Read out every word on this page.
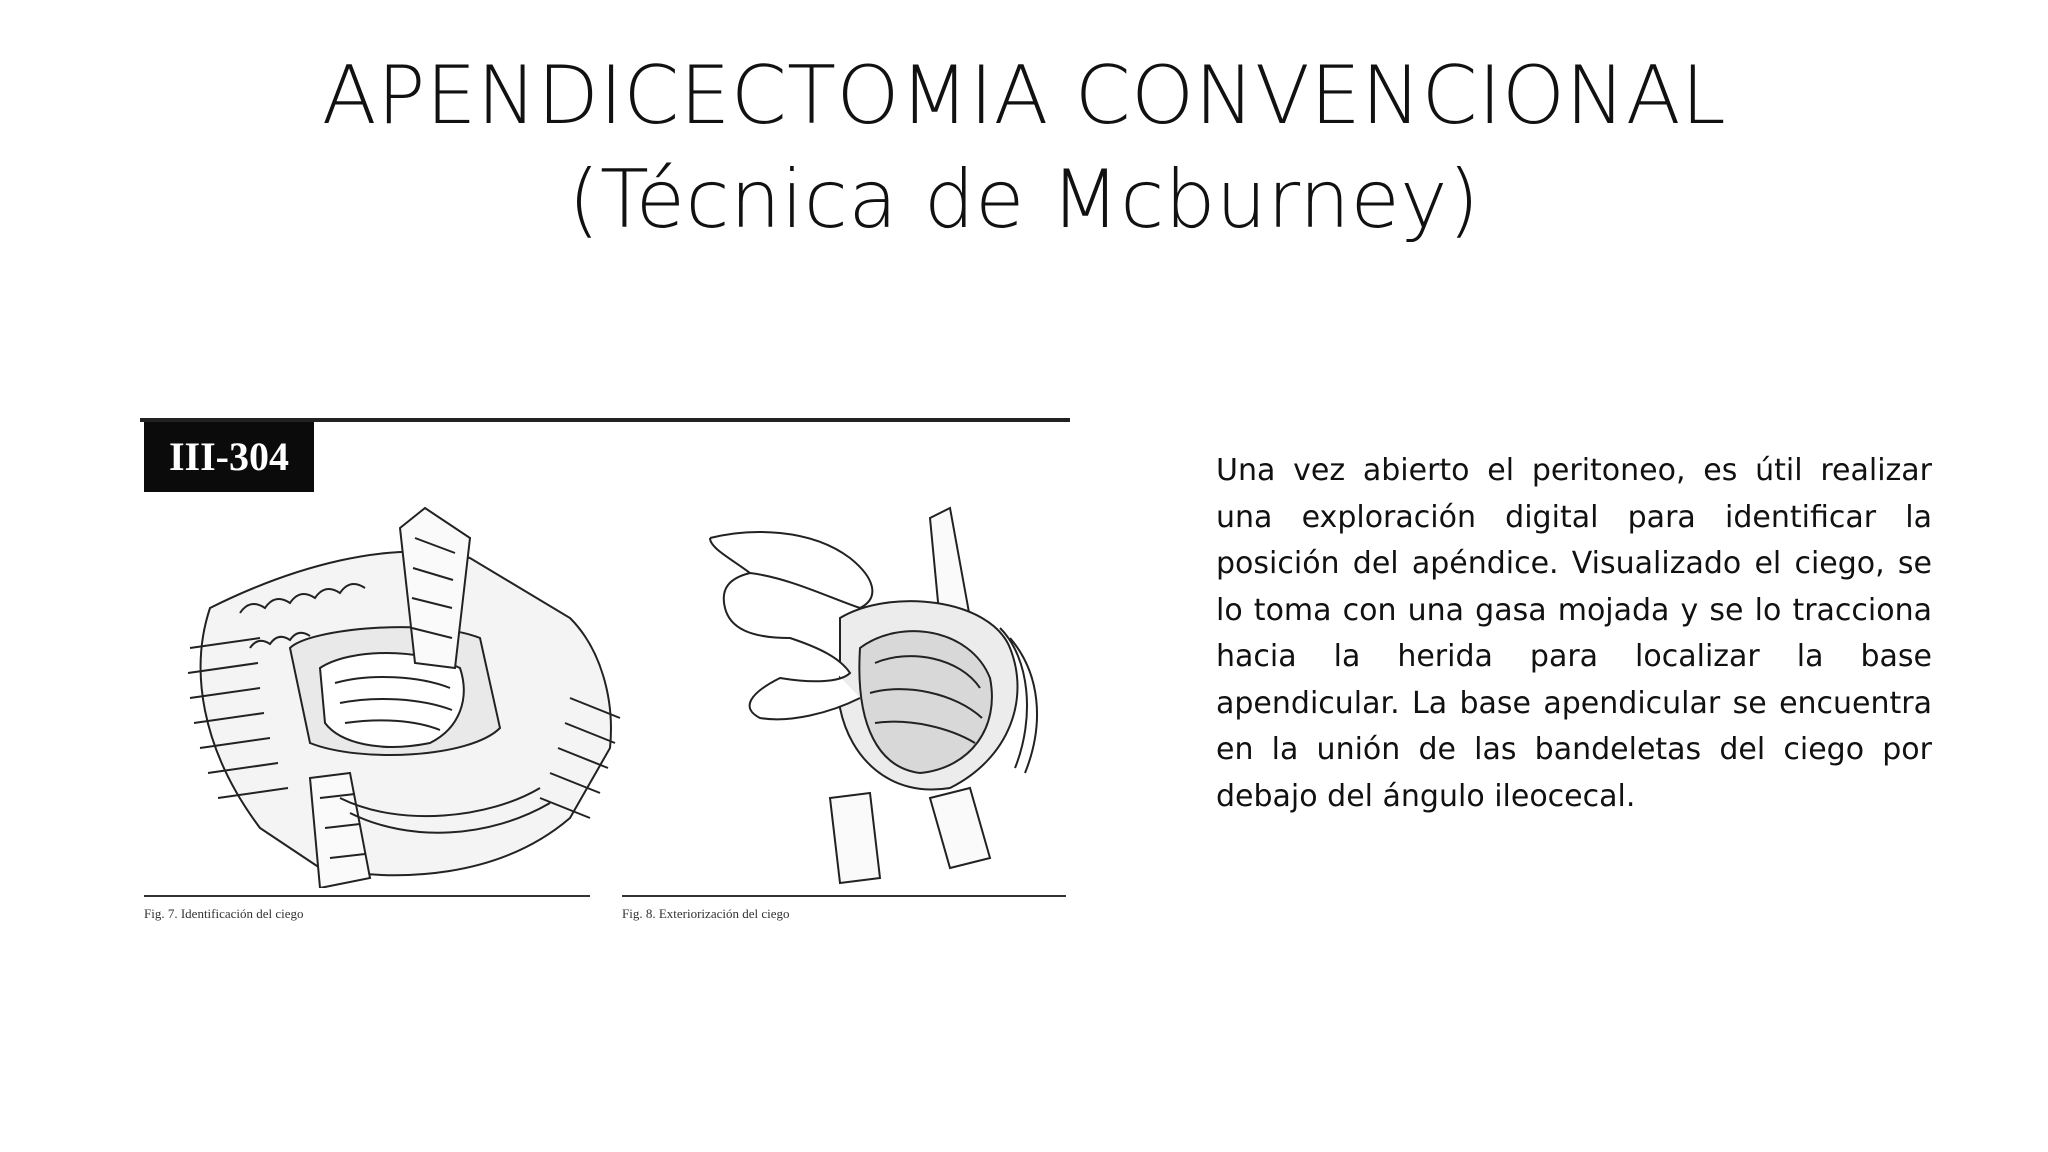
APENDICECTOMIA CONVENCIONAL
(Técnica de Mcburney)
III-304
Fig. 7. Identificación del ciego	Fig. 8. Exteriorización del ciego

Una vez abierto el peritoneo, es útil realizar una exploración digital para identificar la posición del apéndice. Visualizado el ciego, se lo toma con una gasa mojada y se lo tracciona hacia la herida para localizar la base apendicular. La base apendicular se encuentra en la unión de las bandeletas del ciego por debajo del ángulo ileocecal.
